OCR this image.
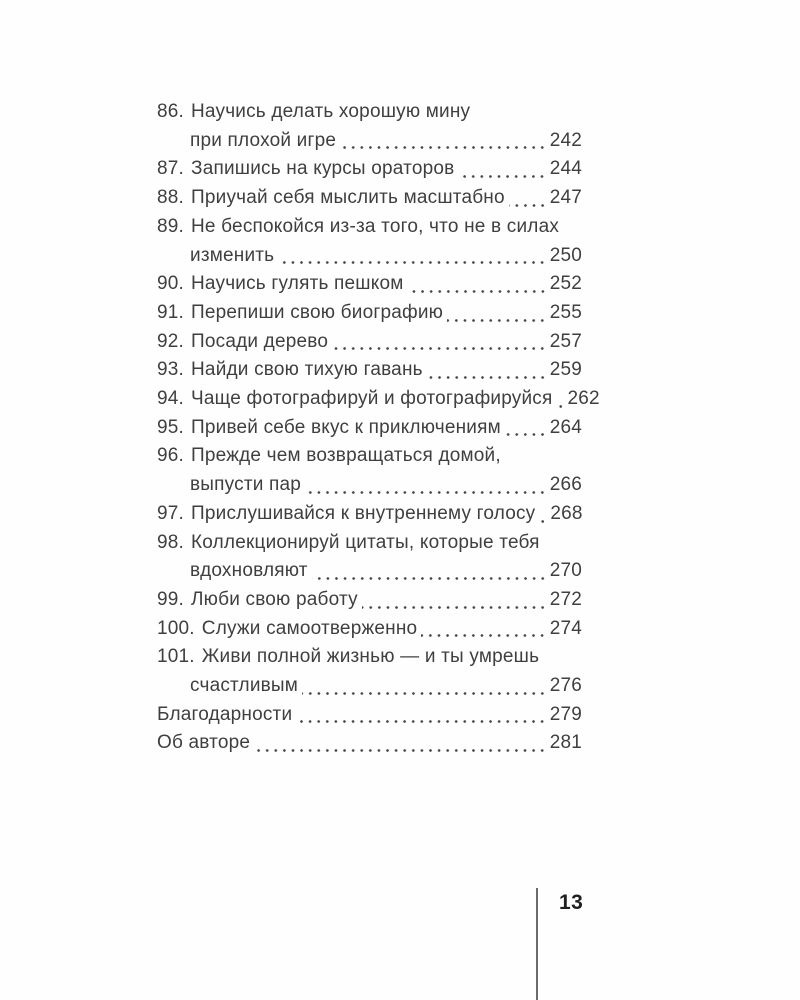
86. Научись делать хорошую мину
при плохой игре	242
87. Запишись на курсы ораторов	244
88. Приучай себя мыслить масштабно 247
89. Не беспокойся из-за того, что не в силах
изменить	250
90. Научись гулять пешком	252
91. Перепиши свою биографию	255
92. Посади дерево	257
93. Найди свою тихую гавань	259
94. Чаще фотографируй и фотографируйся 262
95. Привей себе вкус к приключениям	264
96. Прежде чем возвращаться домой,
выпусти пар	266
97. Прислушивайся к внутреннему голосу 268
98. Коллекционируй цитаты, которые тебя
вдохновляют	270
99. Люби свою работу	272
100. Служи самоотверженно	274
101. Живи полной жизнью — и ты умрешь
счастливым	276
Благодарности	279
Об авторе	281
13
